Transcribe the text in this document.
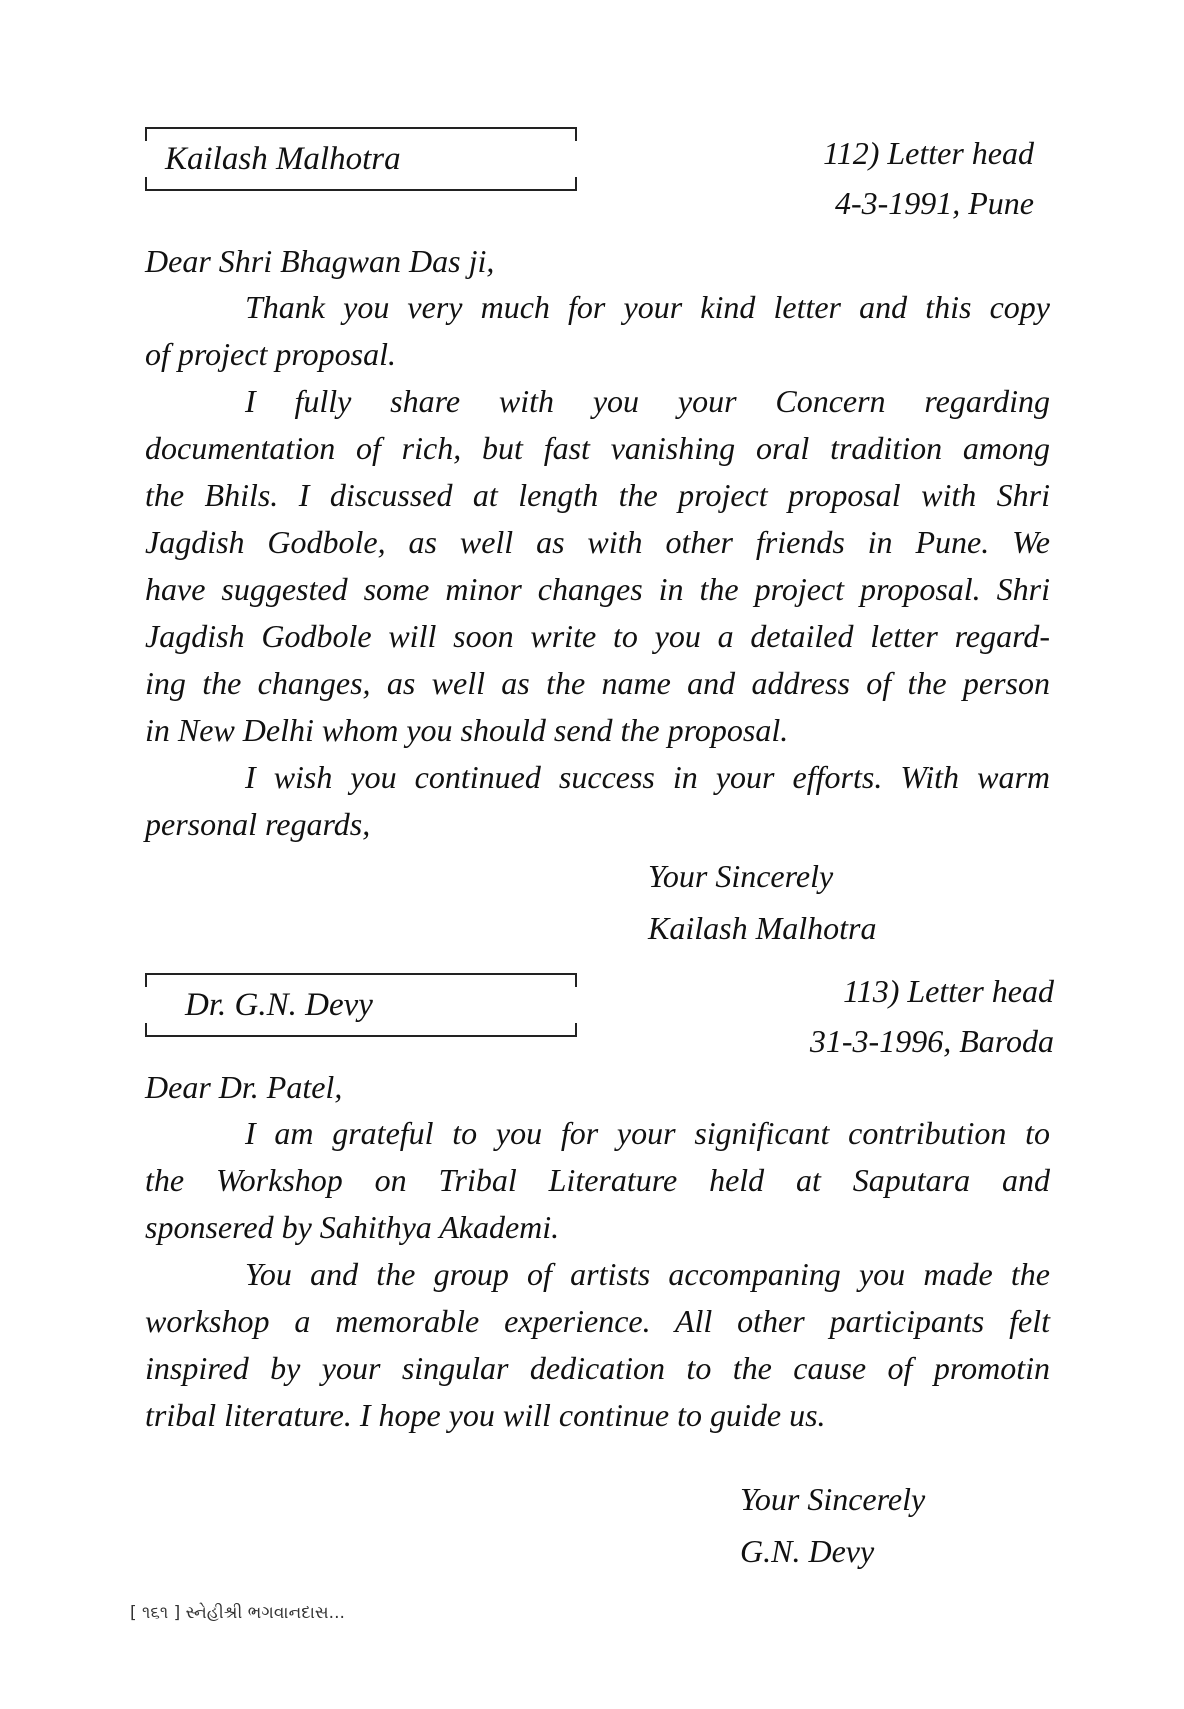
Kailash Malhotra	112) Letter head
4-3-1991, Pune
Dear Shri Bhagwan Das ji,
Thank you very much for your kind letter and this copy
of project proposal.
I fully share with you your Concern regarding
documentation of rich, but fast vanishing oral tradition among
the Bhils. I discussed at length the project proposal with Shri
Jagdish Godbole, as well as with other friends in Pune. We
have suggested some minor changes in the project proposal. Shri
Jagdish Godbole will soon write to you a detailed letter regard-
ing the changes, as well as the name and address of the person
in New Delhi whom you should send the proposal.
I wish you continued success in your efforts. With warm
personal regards,
Your Sincerely
Kailash Malhotra
Dr. G.N. Devy	113) Letter head
31-3-1996, Baroda
Dear Dr. Patel,
I am grateful to you for your significant contribution to
the Workshop on Tribal Literature held at Saputara and
sponsered by Sahithya Akademi.
You and the group of artists accompaning you made the
workshop a memorable experience. All other participants felt
inspired by your singular dedication to the cause of promotin
tribal literature. I hope you will continue to guide us.
Your Sincerely
G.N. Devy
[ ૧૬૧ ] સ્નેહીશ્રી ભગવાનદાસ...
